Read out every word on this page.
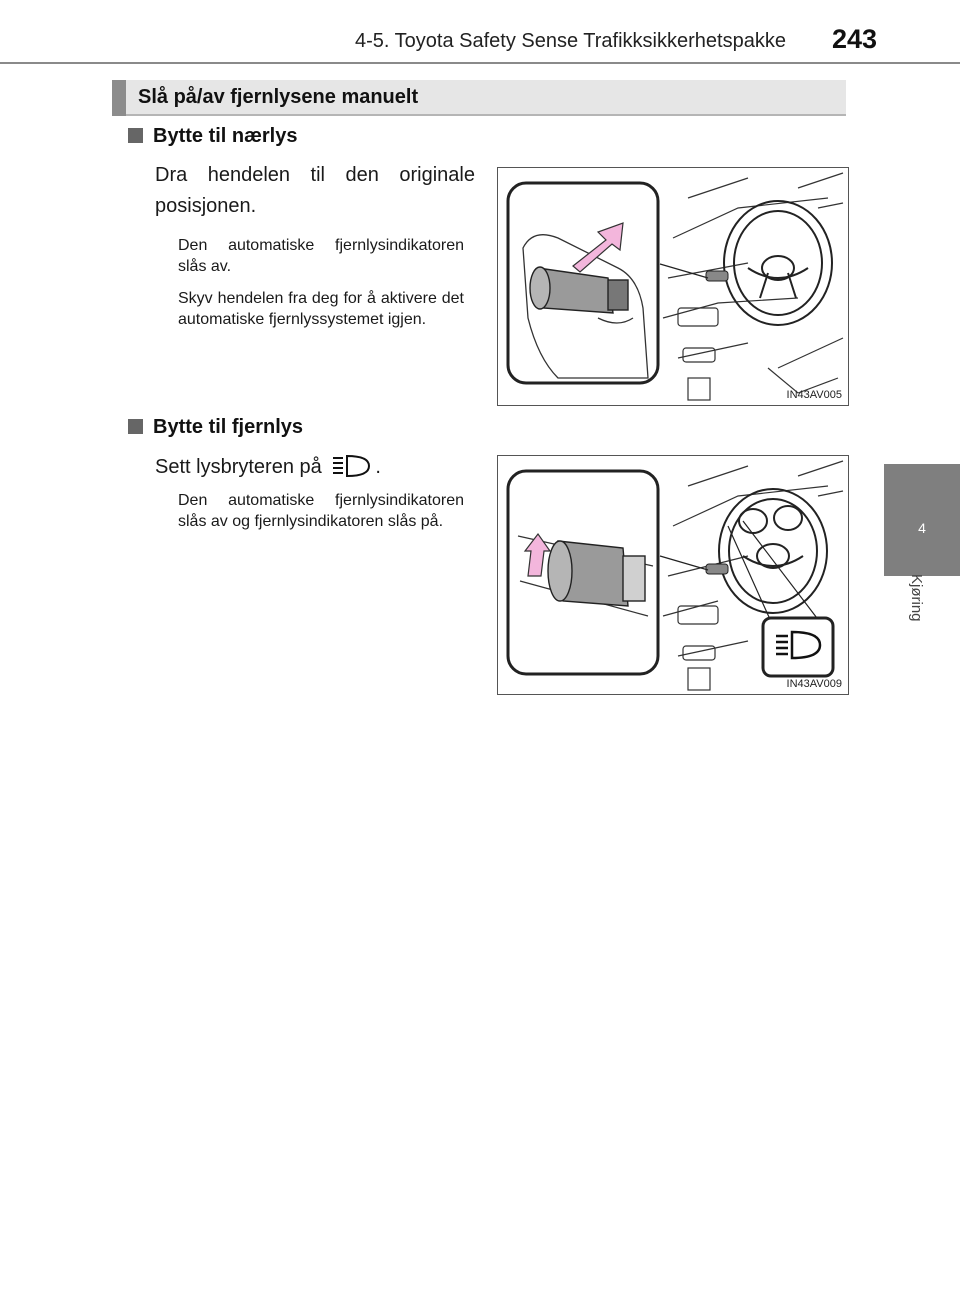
4-5. Toyota Safety Sense Trafikksikkerhetspakke 243
4
Kjøring
Slå på/av fjernlysene manuelt
Bytte til nærlys
Dra hendelen til den originale posisjonen.
Den automatiske fjernlysindikatoren slås av.
Skyv hendelen fra deg for å aktivere det automatiske fjernlyssystemet igjen.
IN43AV005
Bytte til fjernlys
Sett lysbryteren på	.
Den automatiske fjernlysindikatoren slås av og fjernlysindikatoren slås på.
IN43AV009
